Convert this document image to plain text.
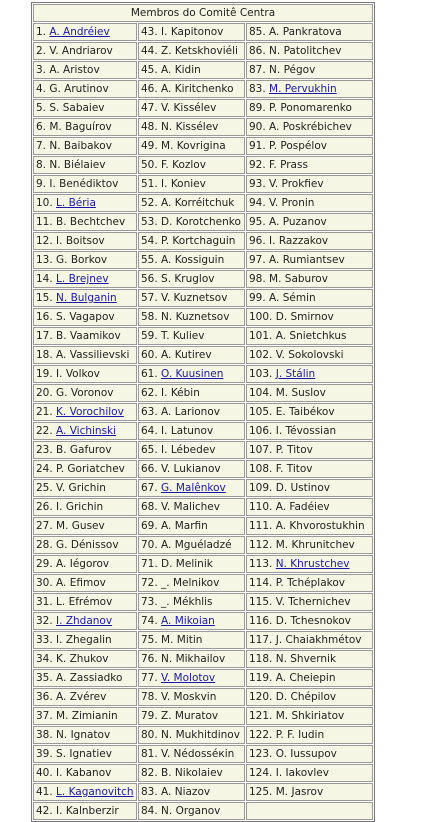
Membros do Comitê Centra		
1. A. Andréiev	43. I. Kapitonov	85. A. Pankratova
2. V. Andriarov	44. Z. Ketskhoviéli	86. N. Patolitchev
3. A. Aristov	45. A. Kidin	87. N. Pégov
4. G. Arutinov	46. A. Kiritchenko	83. M. Pervukhin
5. S. Sabaiev	47. V. Kissélev	89. P. Ponomarenko
6. M. Baguírov	48. N. Kissélev	90. A. Poskrébichev
7. N. Baibakov	49. M. Kovrigina	91. P. Pospélov
8. N. Biélaiev	50. F. Kozlov	92. F. Prass
9. I. Benédiktov	51. I. Koniev	93. V. Prokfiev
10. L. Béria	52. A. Korréitchuk	94. V. Pronin
11. B. Bechtchev	53. D. Korotchenko	95. A. Puzanov
12. I. Boitsov	54. P. Kortchaguin	96. I. Razzakov
13. G. Borkov	55. A. Kossiguin	97. A. Rumiantsev
14. L. Brejnev	56. S. Kruglov	98. M. Saburov
15. N. Bulganin	57. V. Kuznetsov	99. A. Sémin
16. S. Vagapov	58. N. Kuznetsov	100. D. Smirnov
17. B. Vaamikov	59. T. Kuliev	101. A. Snietchkus
18. A. Vassilievski	60. A. Kutirev	102. V. Sokolovski
19. I. Volkov	61. O. Kuusinen	103. J. Stálin
20. G. Voronov	62. I. Kébin	104. M. Suslov
21. K. Vorochilov	63. A. Larionov	105. E. Taibékov
22. A. Vichinski	64. I. Latunov	106. I. Tévossian
23. B. Gafurov	65. I. Lébedev	107. P. Titov
24. P. Goriatchev	66. V. Lukianov	108. F. Titov
25. V. Grichin	67. G. Malênkov	109. D. Ustinov
26. I. Grichin	68. V. Malichev	110. A. Fadéiev
27. M. Gusev	69. A. Marfin	111. A. Khvorostukhin
28. G. Dénissov	70. A. Mguéladzé	112. M. Khrunitchev
29. A. Iégorov	71. D. Melinik	113. N. Khrustchev
30. A. Efimov	72. _. Melnikov	114. P. Tchéplakov
31. L. Efrémov	73. _. Mékhlis	115. V. Tchernichev
32. I. Zhdanov	74. A. Mikoian	116. D. Tchesnokov
33. I. Zhegalin	75. M. Mitin	117. J. Chaiakhmétov
34. K. Zhukov	76. N. Mikhailov	118. N. Shvernik
35. A. Zassiadko	77. V. Molotov	119. A. Cheiepin
36. A. Zvérev	78. V. Moskvin	120. D. Chépilov
37. M. Zimianin	79. Z. Muratov	121. M. Shkiriatov
38. N. Ignatov	80. N. Mukhitdinov	122. P. F. Iudin
39. S. Ignatiev	81. V. Nédosséкin	123. O. Iussupov
40. I. Kabanov	82. B. Nikolaiev	124. I. Iakovlev
41. L. Kaganovitch	83. A. Niazov	125. M. Jasrov
42. I. Kalnberzir	84. N. Organov	
